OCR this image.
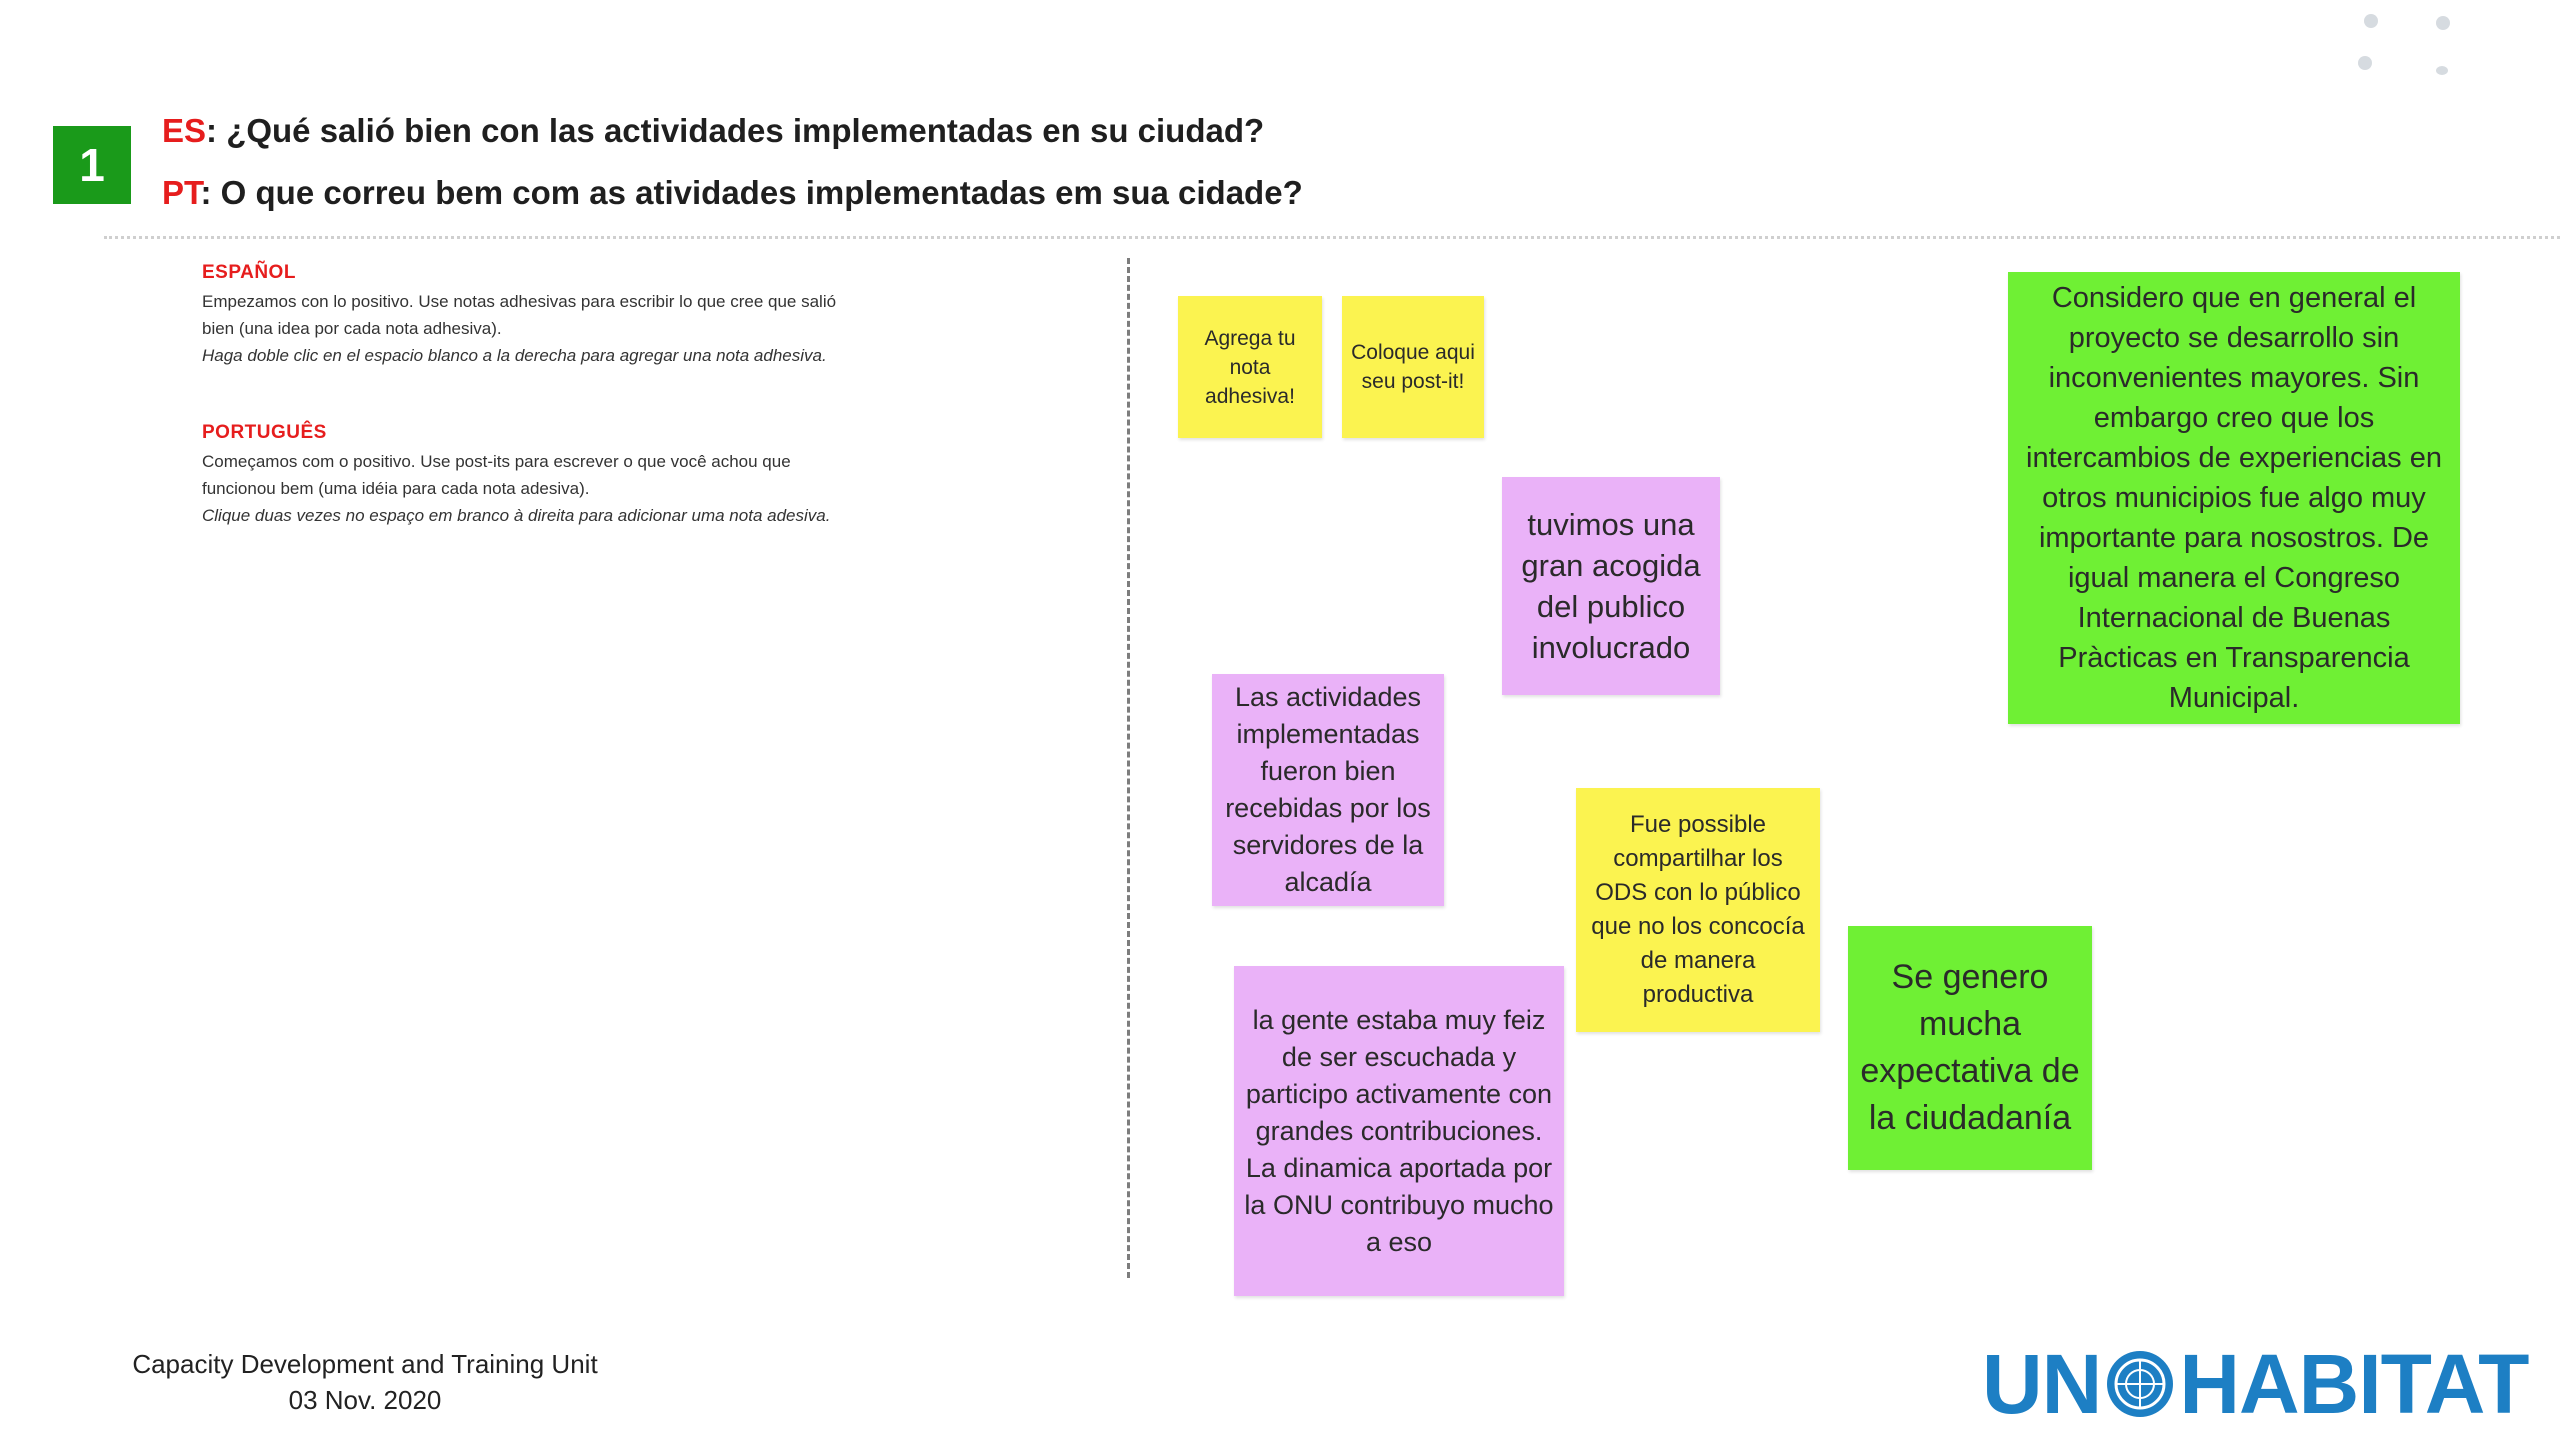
1
ES: ¿Qué salió bien con las actividades implementadas en su ciudad?
PT: O que correu bem com as atividades implementadas em sua cidade?
ESPAÑOL
Empezamos con lo positivo. Use notas adhesivas para escribir lo que cree que salió bien (una idea por cada nota adhesiva).
Haga doble clic en el espacio blanco a la derecha para agregar una nota adhesiva.
PORTUGUÊS
Começamos com o positivo. Use post-its para escrever o que você achou que funcionou bem (uma idéia para cada nota adesiva).
Clique duas vezes no espaço em branco à direita para adicionar uma nota adesiva.
Agrega tu nota adhesiva!
Coloque aqui seu post-it!
tuvimos una gran acogida del publico involucrado
Las actividades implementadas fueron bien recebidas por los servidores de la alcadía
Fue possible compartilhar los ODS con lo público que no los concocía de manera productiva
la gente estaba muy feiz de ser escuchada y participo activamente con grandes contribuciones. La dinamica aportada por la ONU contribuyo mucho a eso
Se genero mucha expectativa de la ciudadanía
Considero que en general el proyecto se desarrollo sin inconvenientes mayores. Sin embargo creo que los intercambios de experiencias en otros municipios fue algo muy importante para nosostros. De igual manera el Congreso Internacional de Buenas Pràcticas en Transparencia Municipal.
Capacity Development and Training Unit
03 Nov. 2020	UN HABITAT
